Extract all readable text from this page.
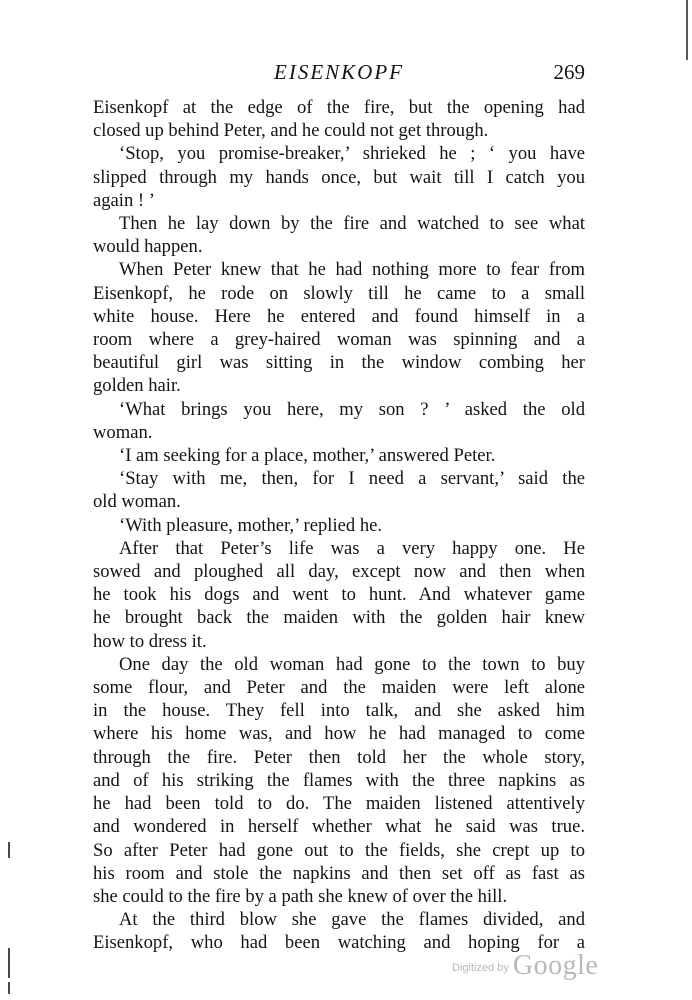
EISENKOPF	269
Eisenkopf at the edge of the fire, but the opening had
closed up behind Peter, and he could not get through.
‘Stop, you promise-breaker,’ shrieked he ; ‘ you have
slipped through my hands once, but wait till I catch you
again ! ’
Then he lay down by the fire and watched to see what
would happen.
When Peter knew that he had nothing more to fear from
Eisenkopf, he rode on slowly till he came to a small
white house. Here he entered and found himself in a
room where a grey-haired woman was spinning and a
beautiful girl was sitting in the window combing her
golden hair.
‘What brings you here, my son ? ’ asked the old
woman.
‘I am seeking for a place, mother,’ answered Peter.
‘Stay with me, then, for I need a servant,’ said the
old woman.
‘With pleasure, mother,’ replied he.
After that Peter’s life was a very happy one. He
sowed and ploughed all day, except now and then when
he took his dogs and went to hunt. And whatever game
he brought back the maiden with the golden hair knew
how to dress it.
One day the old woman had gone to the town to buy
some flour, and Peter and the maiden were left alone
in the house. They fell into talk, and she asked him
where his home was, and how he had managed to come
through the fire. Peter then told her the whole story,
and of his striking the flames with the three napkins as
he had been told to do. The maiden listened attentively
and wondered in herself whether what he said was true.
So after Peter had gone out to the fields, she crept up to
his room and stole the napkins and then set off as fast as
she could to the fire by a path she knew of over the hill.
At the third blow she gave the flames divided, and
Eisenkopf, who had been watching and hoping for a
Digitized by Google
